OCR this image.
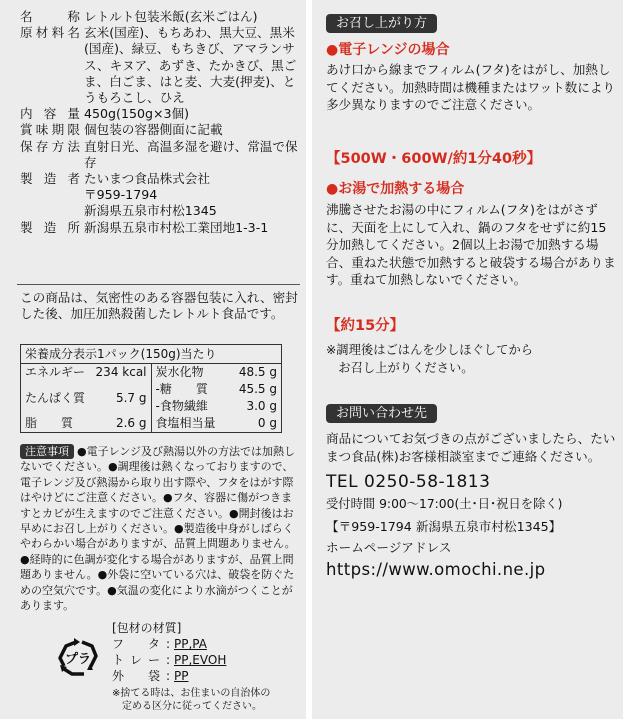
名　　称 レトルト包装米飯(玄米ごはん)
原材料名 玄米(国産)、もちあわ、黒大豆、黒米(国産)、緑豆、もちきび、アマランサス、キヌア、あずき、たかきび、黒ごま、白ごま、はと麦、大麦(押麦)、とうもろこし、ひえ
内 容 量 450g(150g×3個)
賞味期限 個包装の容器側面に記載
保存方法 直射日光、高温多湿を避け、常温で保存
製 造 者 たいまつ食品株式会社
〒959-1794
新潟県五泉市村松1345
製 造 所 新潟県五泉市村松工業団地1-3-1
この商品は、気密性のある容器包装に入れ、密封した後、加圧加熱殺菌したレトルト食品です。
栄養成分表示1パック(150g)当たり
エネルギー 234 kcal
たんぱく質	5.7 g
脂　　質	2.6 g
炭水化物	48.5 g
-糖　　質	45.5 g
-食物繊維	3.0 g
食塩相当量	0 g
注意事項 ●電子レンジ及び熱湯以外の方法では加熱しないでください。●調理後は熱くなっておりますので、電子レンジ及び熱湯から取り出す際や、フタをはがす際はやけどにご注意ください。●フタ、容器に傷がつきますとカビが生えますのでご注意ください。●開封後はお早めにお召し上がりください。●製造後中身がしばらくやわらかい場合がありますが、品質上問題ありません。●経時的に色調が変化する場合がありますが、品質上問題ありません。●外袋に空いている穴は、破袋を防ぐための空気穴です。●気温の変化により水滴がつくことがあります。
プラ
[包材の材質]
フ　タ: PP,PA
トレー: PP,EVOH
外　袋: PP
※捨てる時は、お住まいの自治体の
　定める区分に従ってください。
お召し上がり方
●電子レンジの場合
あけ口から線までフィルム(フタ)をはがし、加熱してください。加熱時間は機種またはワット数により多少異なりますのでご注意ください。
【500W・600W/約1分40秒】
●お湯で加熱する場合
沸騰させたお湯の中にフィルム(フタ)をはがさずに、天面を上にして入れ、鍋のフタをせずに約15分加熱してください。2個以上お湯で加熱する場合、重ねた状態で加熱すると破袋する場合があります。重ねて加熱しないでください。
【約15分】
※調理後はごはんを少しほぐしてから
　お召し上がりください。
お問い合わせ先
商品についてお気づきの点がございましたら、たいまつ食品(株)お客様相談室までご連絡ください。
TEL 0250-58-1813
受付時間 9:00〜17:00(土･日･祝日を除く)
【〒959-1794 新潟県五泉市村松1345】
ホームページアドレス
https://www.omochi.ne.jp
